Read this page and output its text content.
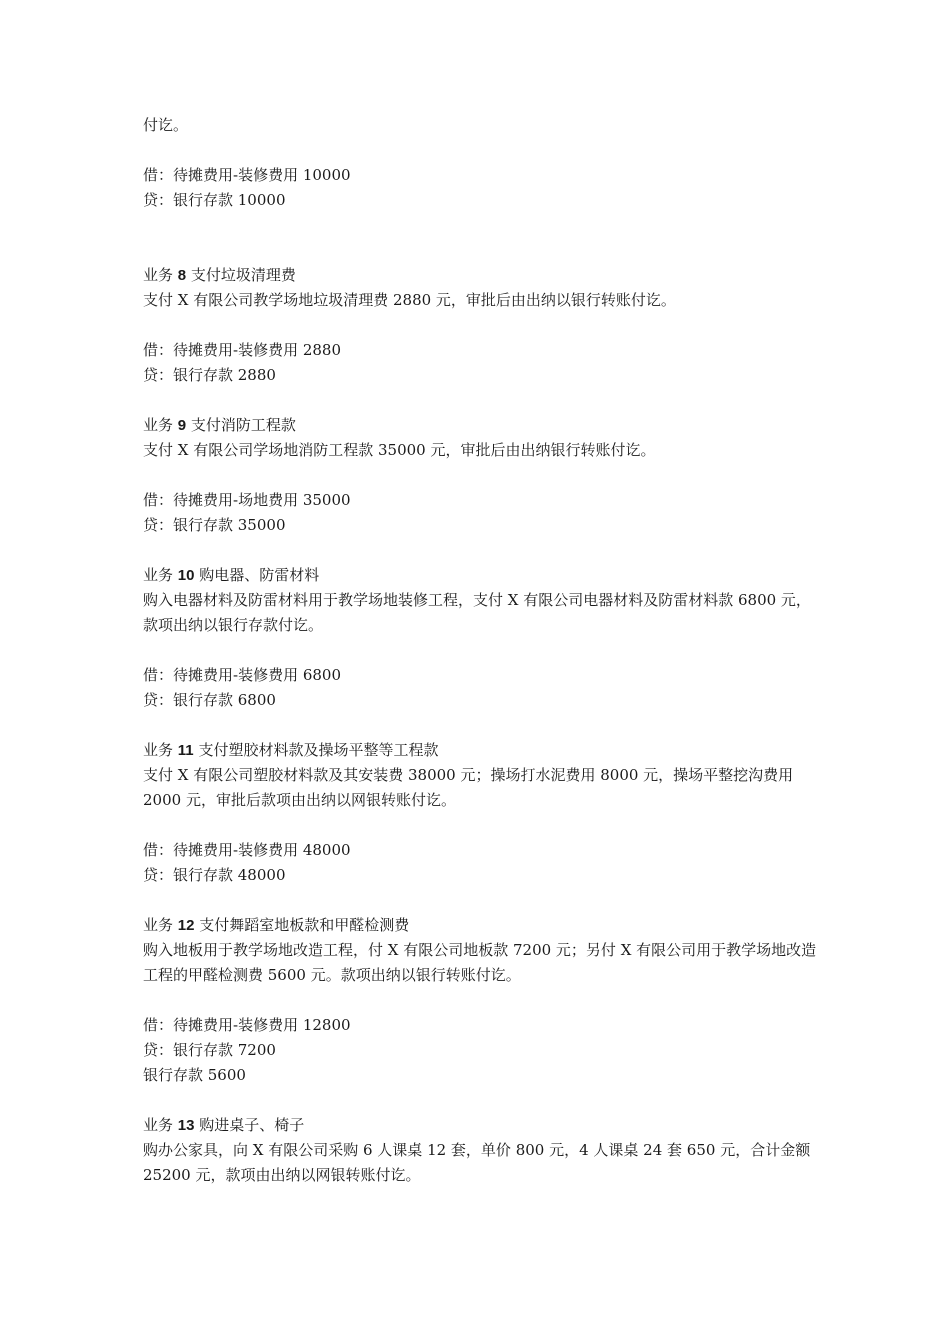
付讫。
借：待摊费用-装修费用 10000
贷：银行存款 10000
业务 8 支付垃圾清理费
支付 X 有限公司教学场地垃圾清理费 2880 元，审批后由出纳以银行转账付讫。
借：待摊费用-装修费用 2880
贷：银行存款 2880
业务 9 支付消防工程款
支付 X 有限公司学场地消防工程款 35000 元，审批后由出纳银行转账付讫。
借：待摊费用-场地费用 35000
贷：银行存款 35000
业务 10 购电器、防雷材料
购入电器材料及防雷材料用于教学场地装修工程，支付 X 有限公司电器材料及防雷材料款 6800 元，款项出纳以银行存款付讫。
借：待摊费用-装修费用 6800
贷：银行存款 6800
业务 11 支付塑胶材料款及操场平整等工程款
支付 X 有限公司塑胶材料款及其安装费 38000 元；操场打水泥费用 8000 元，操场平整挖沟费用 2000 元，审批后款项由出纳以网银转账付讫。
借：待摊费用-装修费用 48000
贷：银行存款 48000
业务 12 支付舞蹈室地板款和甲醛检测费
购入地板用于教学场地改造工程，付 X 有限公司地板款 7200 元；另付 X 有限公司用于教学场地改造工程的甲醛检测费 5600 元。款项出纳以银行转账付讫。
借：待摊费用-装修费用 12800
贷：银行存款 7200
银行存款 5600
业务 13 购进桌子、椅子
购办公家具，向 X 有限公司采购 6 人课桌 12 套，单价 800 元，4 人课桌 24 套 650 元，合计金额 25200 元，款项由出纳以网银转账付讫。
